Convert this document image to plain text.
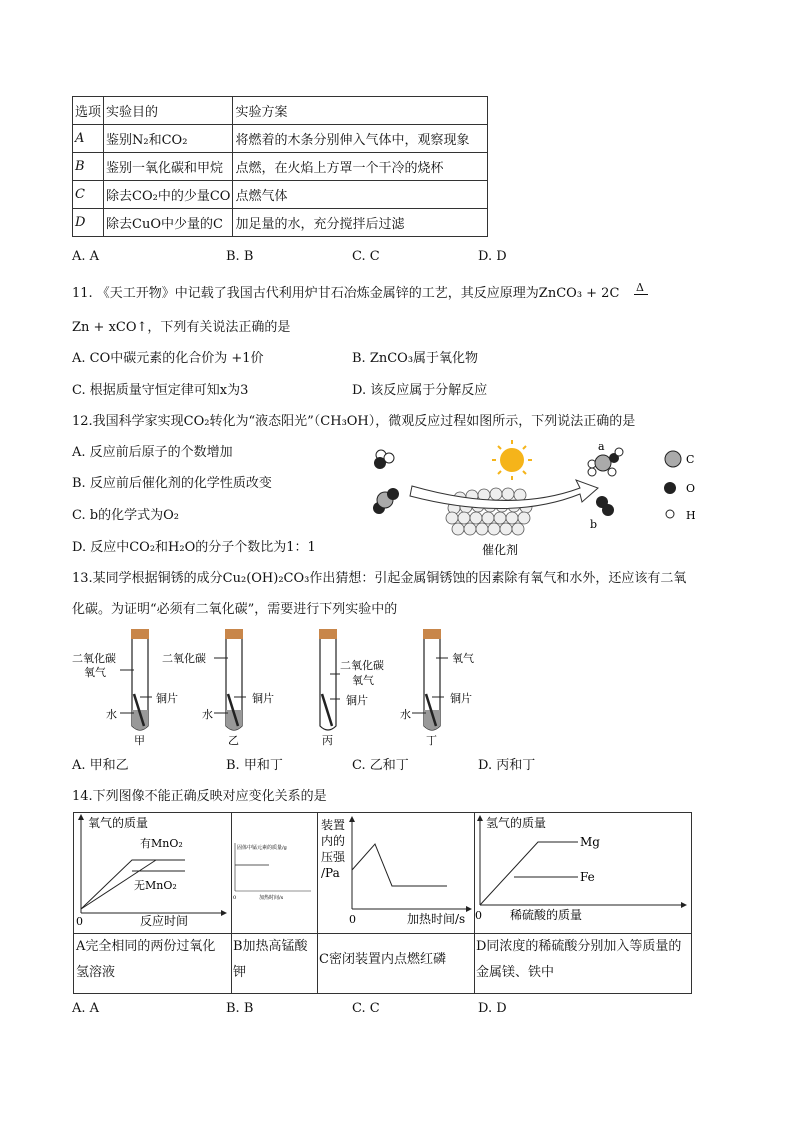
选项	实验目的	实验方案
A	鉴别N₂和CO₂	将燃着的木条分别伸入气体中，观察现象
B	鉴别一氧化碳和甲烷	点燃，在火焰上方罩一个干冷的烧杯
C	除去CO₂中的少量CO	点燃气体
D	除去CuO中少量的C	加足量的水，充分搅拌后过滤
A. A	B. B	C. C	D. D
11. 《天工开物》中记载了我国古代利用炉甘石冶炼金属锌的工艺，其反应原理为ZnCO₃ + 2C Δ
Zn + xCO↑，下列有关说法正确的是
A. CO中碳元素的化合价为 +1价	B. ZnCO₃属于氧化物
C. 根据质量守恒定律可知x为3	D. 该反应属于分解反应
12.我国科学家实现CO₂转化为“液态阳光”（CH₃OH），微观反应过程如图所示，下列说法正确的是
A. 反应前后原子的个数增加
B. 反应前后催化剂的化学性质改变
C. b的化学式为O₂
D. 反应中CO₂和H₂O的分子个数比为1：1	催化剂
a
b
C
O
H
13.某同学根据铜锈的成分Cu₂(OH)₂CO₃作出猜想：引起金属铜锈蚀的因素除有氧气和水外，还应该有二氧
化碳。为证明“必须有二氧化碳”，需要进行下列实验中的
二氧化碳
氧气
铜片
水
甲
二氧化碳
铜片
水
乙
二氧化碳
氧气
铜片
丙
氧气
铜片
水
丁
A. 甲和乙	B. 甲和丁	C. 乙和丁	D. 丙和丁
14.下列图像不能正确反映对应变化关系的是
氧气的质量
有MnO₂
无MnO₂
0	反应时间
固体中锰元素的质量/g
0	加热时间/s
装置
内的
压强
/Pa
0	加热时间/s
氢气的质量
Mg
Fe
0 稀硫酸的质量
A完全相同的两份过氧化氢溶液
B加热高锰酸钾
C密闭装置内点燃红磷
D同浓度的稀硫酸分别加入等质量的金属镁、铁中
A. A	B. B	C. C	D. D
